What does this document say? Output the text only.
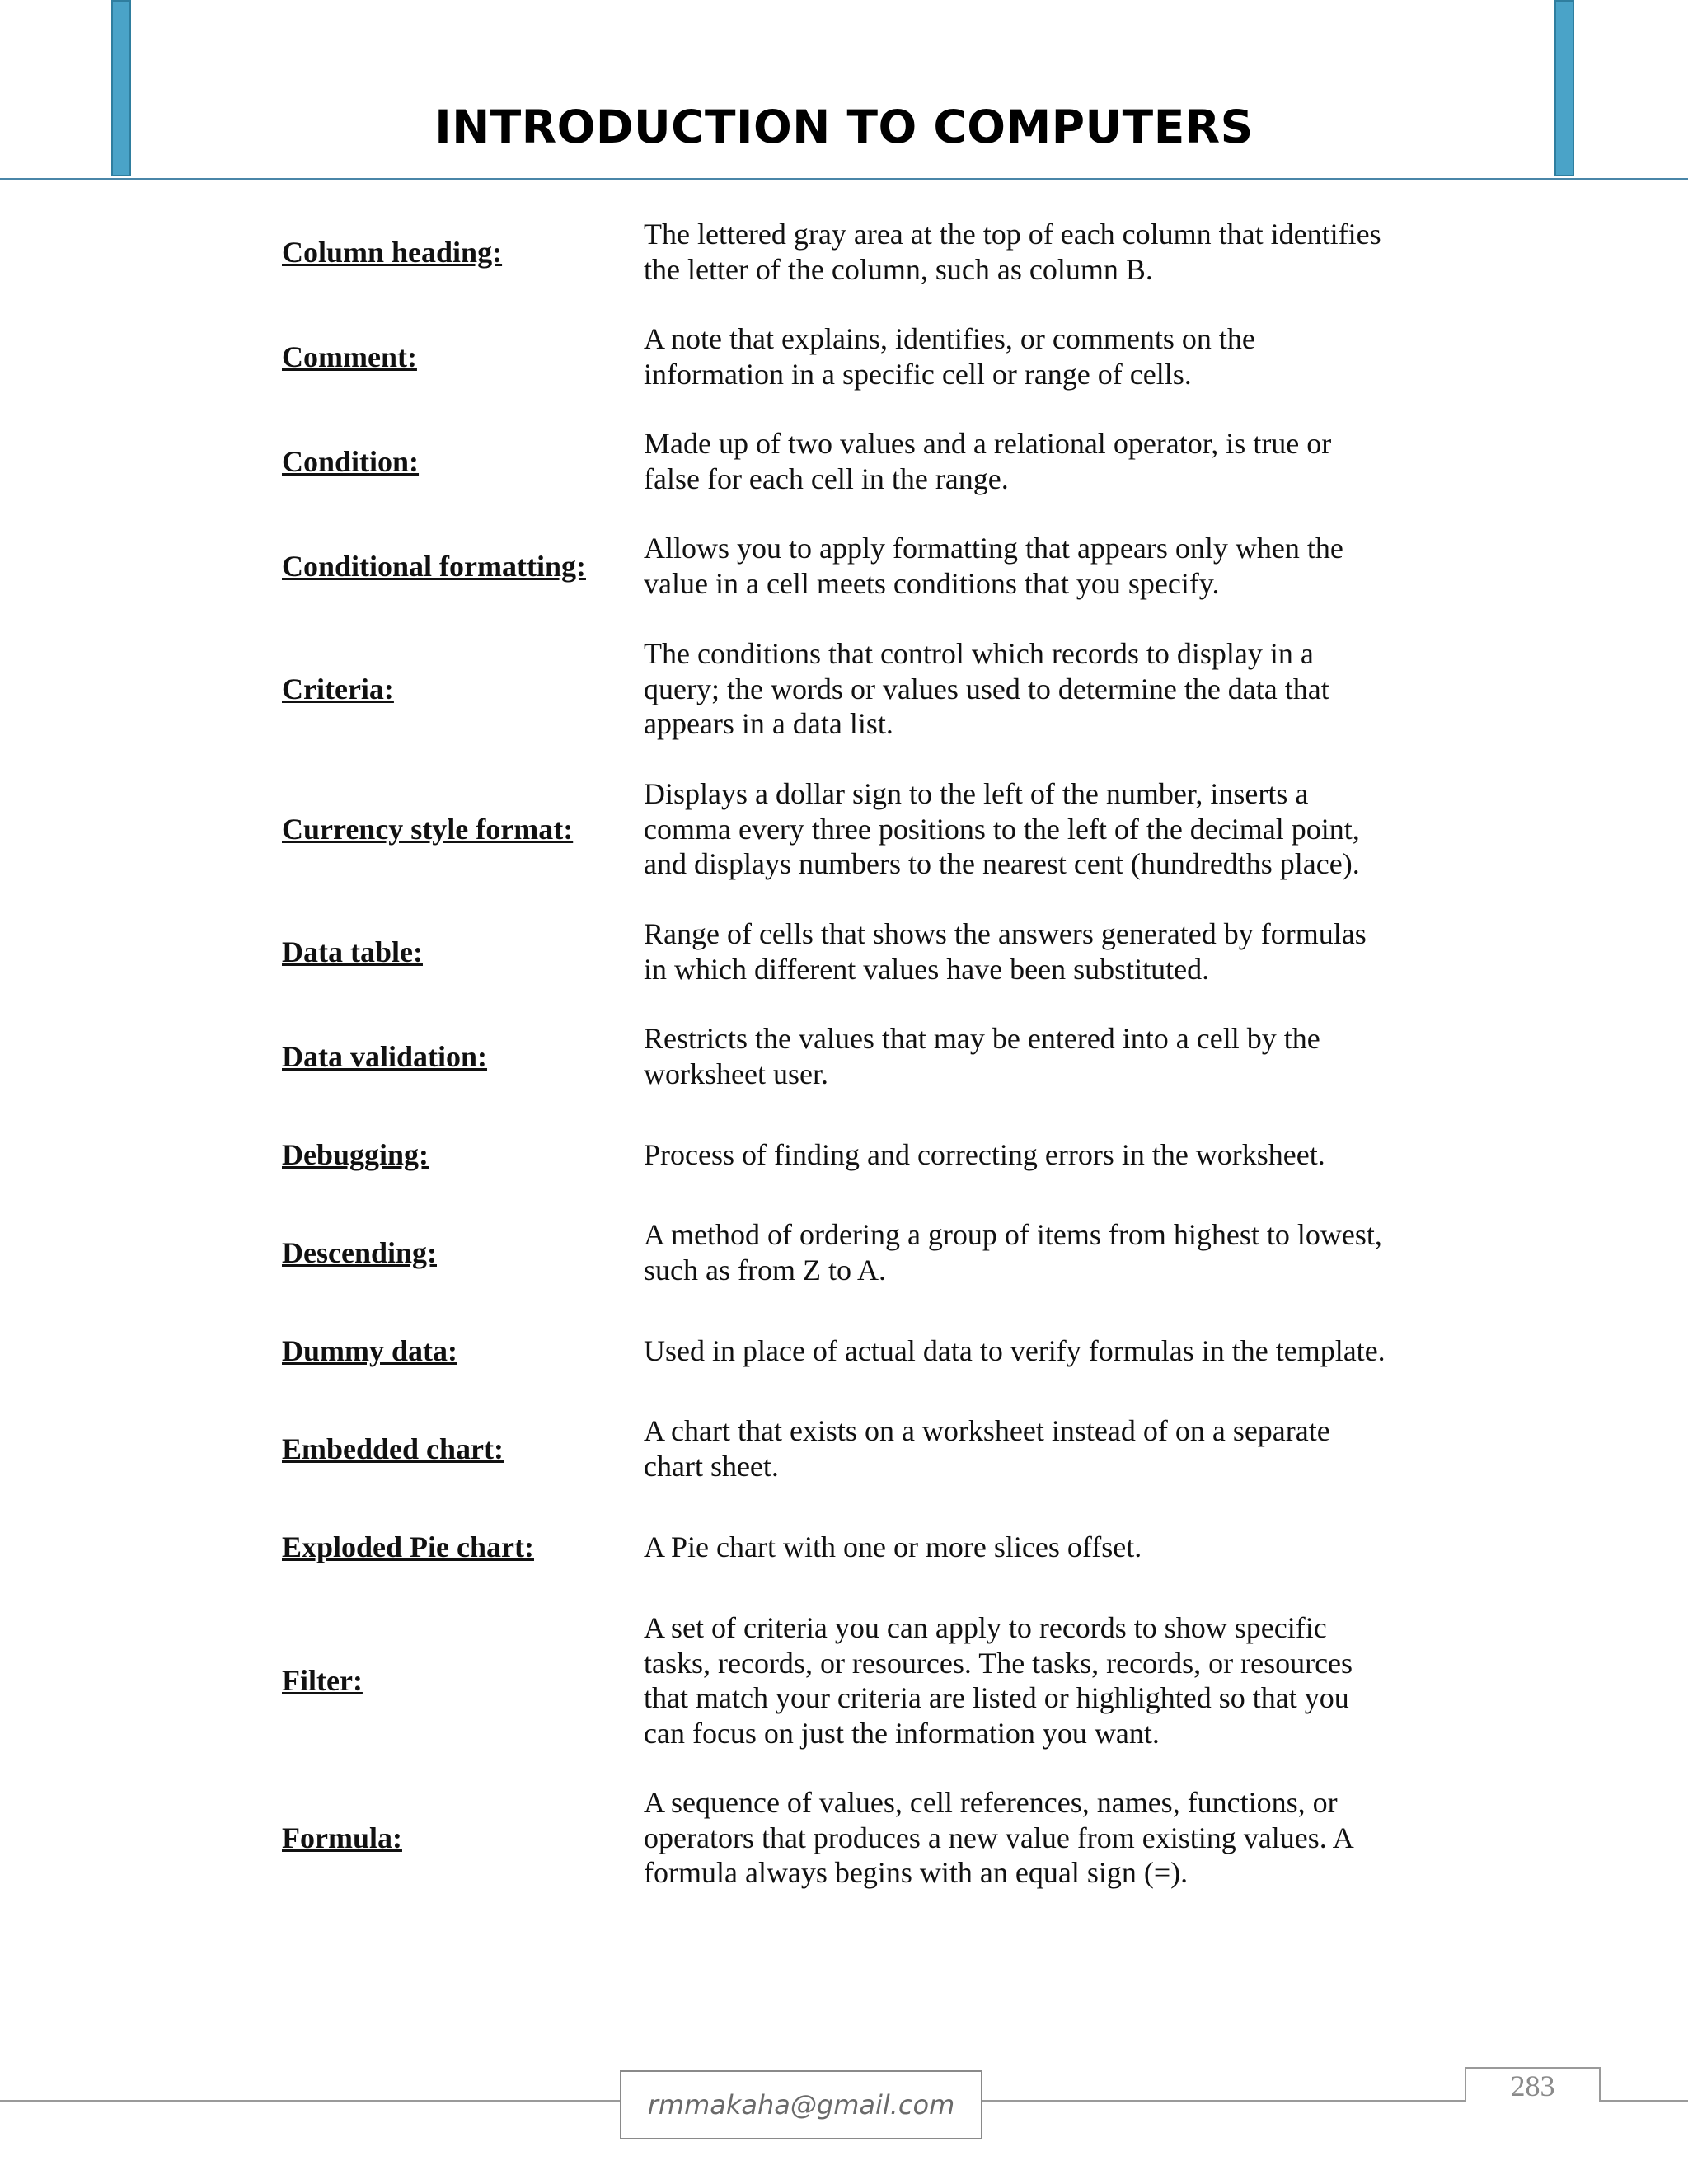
INTRODUCTION TO COMPUTERS
Column heading:
The lettered gray area at the top of each column that identifies
the letter of the column, such as column B.
Comment:
A note that explains, identifies, or comments on the
information in a specific cell or range of cells.
Condition:
Made up of two values and a relational operator, is true or
false for each cell in the range.
Conditional formatting:
Allows you to apply formatting that appears only when the
value in a cell meets conditions that you specify.
Criteria:
The conditions that control which records to display in a
query; the words or values used to determine the data that
appears in a data list.
Currency style format:
Displays a dollar sign to the left of the number, inserts a
comma every three positions to the left of the decimal point,
and displays numbers to the nearest cent (hundredths place).
Data table:
Range of cells that shows the answers generated by formulas
in which different values have been substituted.
Data validation:
Restricts the values that may be entered into a cell by the
worksheet user.
Debugging:	Process of finding and correcting errors in the worksheet.
Descending:
A method of ordering a group of items from highest to lowest,
such as from Z to A.
Dummy data:	Used in place of actual data to verify formulas in the template.
Embedded chart:
A chart that exists on a worksheet instead of on a separate
chart sheet.
Exploded Pie chart:	A Pie chart with one or more slices offset.
Filter:
A set of criteria you can apply to records to show specific
tasks, records, or resources. The tasks, records, or resources
that match your criteria are listed or highlighted so that you
can focus on just the information you want.
Formula:
A sequence of values, cell references, names, functions, or
operators that produces a new value from existing values. A
formula always begins with an equal sign (=).
rmmakaha@gmail.com
283
